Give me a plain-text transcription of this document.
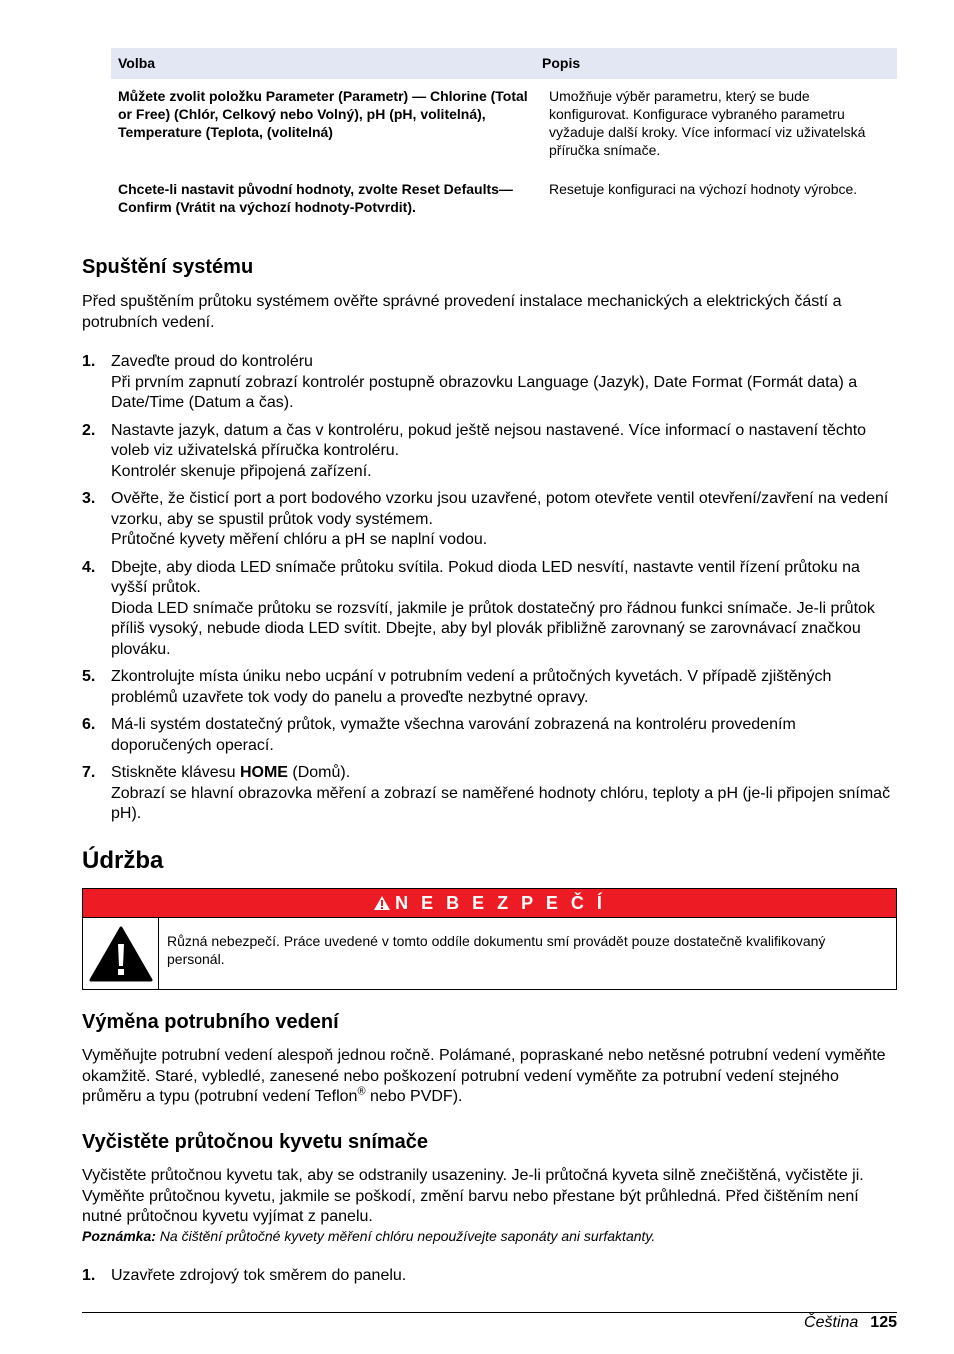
Volba	Popis
Můžete zvolit položku Parameter (Parametr) — Chlorine (Total or Free) (Chlór, Celkový nebo Volný), pH (pH, volitelná), Temperature (Teplota, (volitelná)	Umožňuje výběr parametru, který se bude konfigurovat. Konfigurace vybraného parametru vyžaduje další kroky. Více informací viz uživatelská příručka snímače.
Chcete-li nastavit původní hodnoty, zvolte Reset Defaults—Confirm (Vrátit na výchozí hodnoty-Potvrdit).	Resetuje konfiguraci na výchozí hodnoty výrobce.
Spuštění systému

Před spuštěním průtoku systémem ověřte správné provedení instalace mechanických a elektrických částí a potrubních vedení.

1. Zaveďte proud do kontroléru
Při prvním zapnutí zobrazí kontrolér postupně obrazovku Language (Jazyk), Date Format (Formát data) a Date/Time (Datum a čas).
2. Nastavte jazyk, datum a čas v kontroléru, pokud ještě nejsou nastavené. Více informací o nastavení těchto voleb viz uživatelská příručka kontroléru.
Kontrolér skenuje připojená zařízení.
3. Ověřte, že čisticí port a port bodového vzorku jsou uzavřené, potom otevřete ventil otevření/zavření na vedení vzorku, aby se spustil průtok vody systémem.
Průtočné kyvety měření chlóru a pH se naplní vodou.
4. Dbejte, aby dioda LED snímače průtoku svítila. Pokud dioda LED nesvítí, nastavte ventil řízení průtoku na vyšší průtok.
Dioda LED snímače průtoku se rozsvítí, jakmile je průtok dostatečný pro řádnou funkci snímače. Je-li průtok příliš vysoký, nebude dioda LED svítit. Dbejte, aby byl plovák přibližně zarovnaný se zarovnávací značkou plováku.
5. Zkontrolujte místa úniku nebo ucpání v potrubním vedení a průtočných kyvetách. V případě zjištěných problémů uzavřete tok vody do panelu a proveďte nezbytné opravy.
6. Má-li systém dostatečný průtok, vymažte všechna varování zobrazená na kontroléru provedením doporučených operací.
7. Stiskněte klávesu HOME (Domů).
Zobrazí se hlavní obrazovka měření a zobrazí se naměřené hodnoty chlóru, teploty a pH (je-li připojen snímač pH).
Údržba
N E B E Z P E Č Í
Různá nebezpečí. Práce uvedené v tomto oddíle dokumentu smí provádět pouze dostatečně kvalifikovaný personál.
Výměna potrubního vedení

Vyměňujte potrubní vedení alespoň jednou ročně. Polámané, popraskané nebo netěsné potrubní vedení vyměňte okamžitě. Staré, vybledlé, zanesené nebo poškození potrubní vedení vyměňte za potrubní vedení stejného průměru a typu (potrubní vedení Teflon® nebo PVDF).

Vyčistěte průtočnou kyvetu snímače

Vyčistěte průtočnou kyvetu tak, aby se odstranily usazeniny. Je-li průtočná kyveta silně znečištěná, vyčistěte ji. Vyměňte průtočnou kyvetu, jakmile se poškodí, změní barvu nebo přestane být průhledná. Před čištěním není nutné průtočnou kyvetu vyjímat z panelu.

Poznámka: Na čištění průtočné kyvety měření chlóru nepoužívejte saponáty ani surfaktanty.
1. Uzavřete zdrojový tok směrem do panelu.
Čeština 125
